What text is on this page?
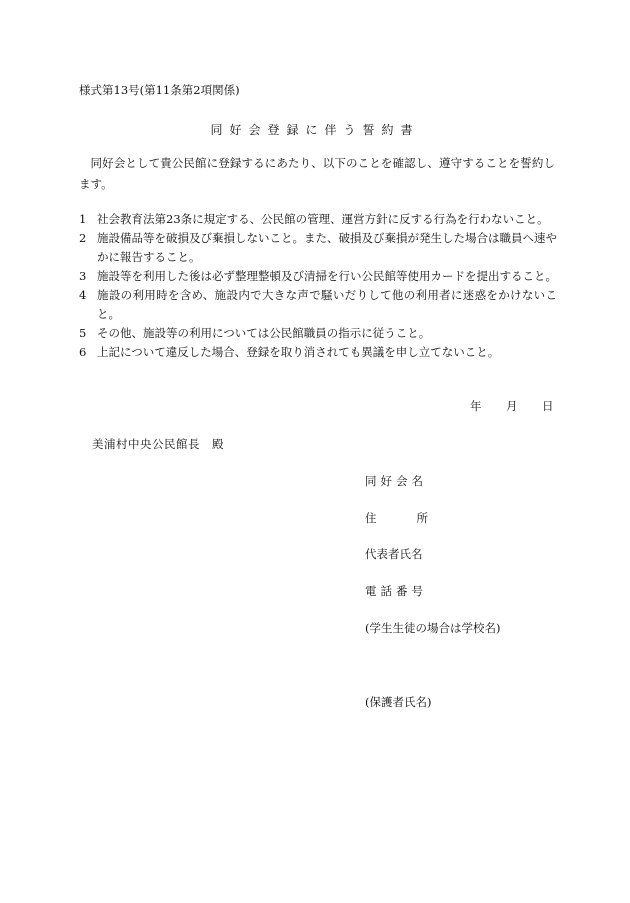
様式第13号(第11条第2項関係)
同好会登録に伴う誓約書
同好会として貴公民館に登録するにあたり、以下のことを確認し、遵守することを誓約します。
1 社会教育法第23条に規定する、公民館の管理、運営方針に反する行為を行わないこと。
2 施設備品等を破損及び棄損しないこと。また、破損及び棄損が発生した場合は職員へ速やかに報告すること。
3 施設等を利用した後は必ず整理整頓及び清掃を行い公民館等使用カードを提出すること。
4 施設の利用時を含め、施設内で大きな声で騒いだりして他の利用者に迷惑をかけないこと。
5 その他、施設等の利用については公民館職員の指示に従うこと。
6 上記について違反した場合、登録を取り消されても異議を申し立てないこと。
年 月 日
美浦村中央公民館長　殿
同好会名
住	所
代表者氏名
電話番号
(学生生徒の場合は学校名)
(保護者氏名)
